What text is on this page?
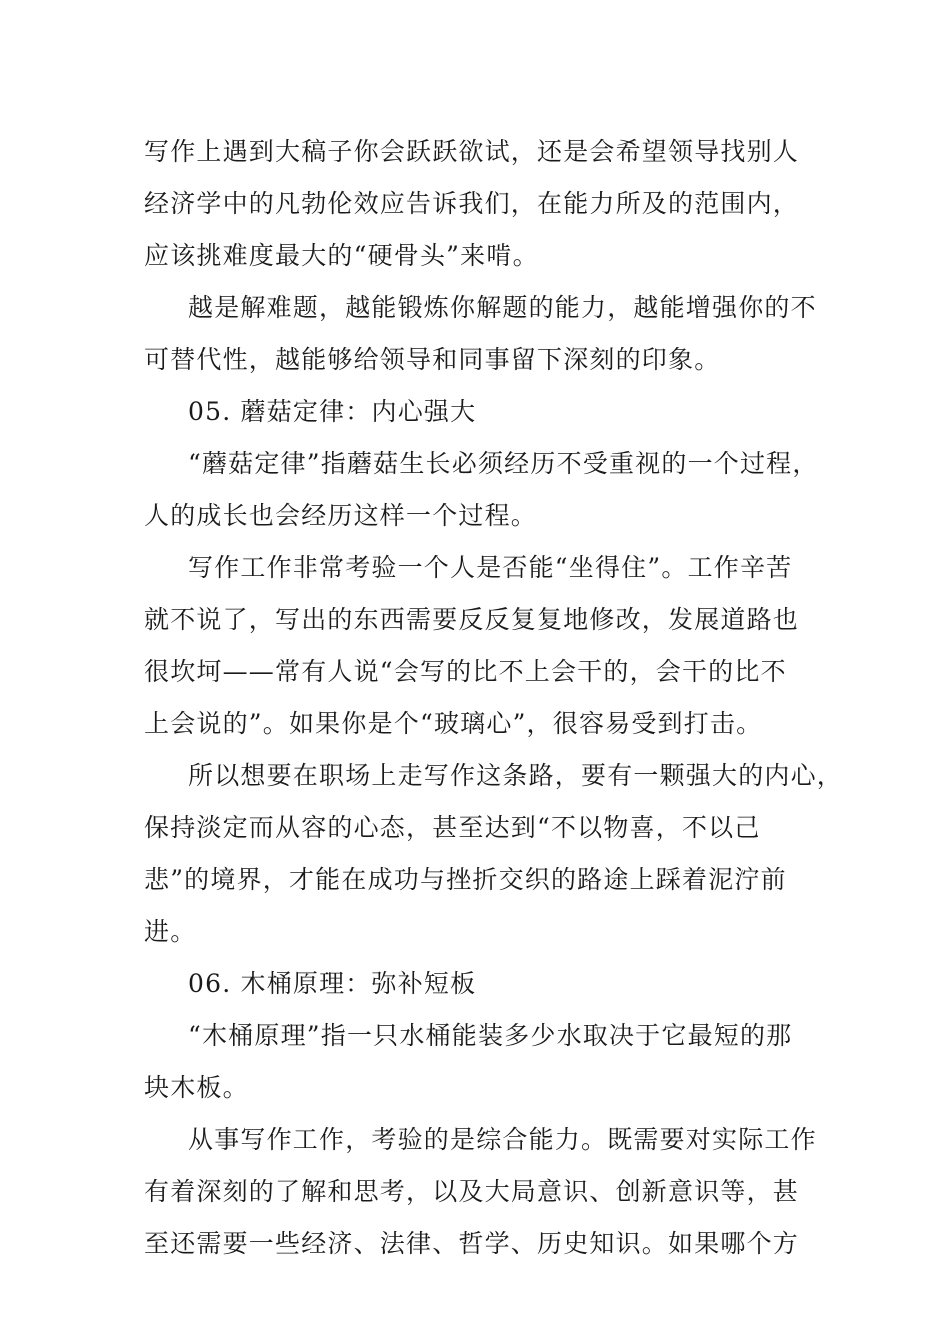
写作上遇到大稿子你会跃跃欲试，还是会希望领导找别人
经济学中的凡勃伦效应告诉我们，在能力所及的范围内，
应该挑难度最大的“硬骨头”来啃。
越是解难题，越能锻炼你解题的能力，越能增强你的不
可替代性，越能够给领导和同事留下深刻的印象。
05. 蘑菇定律：内心强大
“蘑菇定律”指蘑菇生长必须经历不受重视的一个过程，
人的成长也会经历这样一个过程。
写作工作非常考验一个人是否能“坐得住”。工作辛苦
就不说了，写出的东西需要反反复复地修改，发展道路也
很坎坷——常有人说“会写的比不上会干的，会干的比不
上会说的”。如果你是个“玻璃心”，很容易受到打击。
所以想要在职场上走写作这条路，要有一颗强大的内心，
保持淡定而从容的心态，甚至达到“不以物喜，不以己
悲”的境界，才能在成功与挫折交织的路途上踩着泥泞前
进。
06. 木桶原理：弥补短板
“木桶原理”指一只水桶能装多少水取决于它最短的那
块木板。
从事写作工作，考验的是综合能力。既需要对实际工作
有着深刻的了解和思考，以及大局意识、创新意识等，甚
至还需要一些经济、法律、哲学、历史知识。如果哪个方
